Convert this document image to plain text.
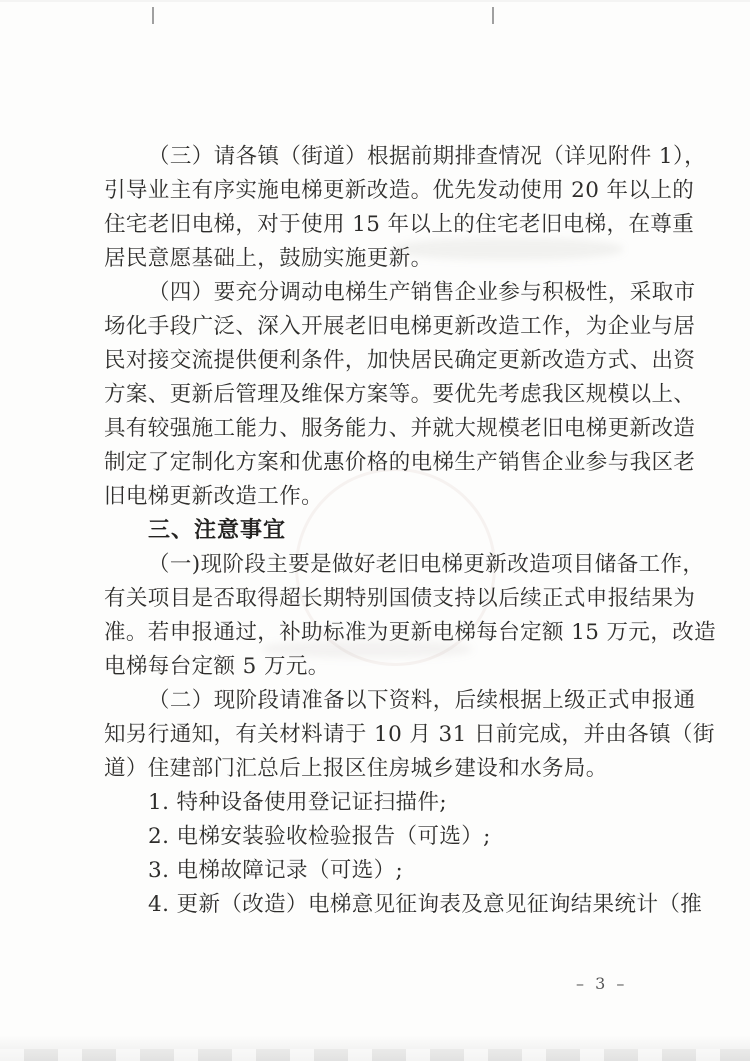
（三）请各镇（街道）根据前期排查情况（详见附件 1），
引导业主有序实施电梯更新改造。优先发动使用 20 年以上的
住宅老旧电梯，对于使用 15 年以上的住宅老旧电梯，在尊重
居民意愿基础上，鼓励实施更新。
（四）要充分调动电梯生产销售企业参与积极性，采取市
场化手段广泛、深入开展老旧电梯更新改造工作，为企业与居
民对接交流提供便利条件，加快居民确定更新改造方式、出资
方案、更新后管理及维保方案等。要优先考虑我区规模以上、
具有较强施工能力、服务能力、并就大规模老旧电梯更新改造
制定了定制化方案和优惠价格的电梯生产销售企业参与我区老
旧电梯更新改造工作。
三、注意事宜
（一)现阶段主要是做好老旧电梯更新改造项目储备工作，
有关项目是否取得超长期特别国债支持以后续正式申报结果为
准。若申报通过，补助标准为更新电梯每台定额 15 万元，改造
电梯每台定额 5 万元。
（二）现阶段请准备以下资料，后续根据上级正式申报通
知另行通知，有关材料请于 10 月 31 日前完成，并由各镇（街
道）住建部门汇总后上报区住房城乡建设和水务局。
1. 特种设备使用登记证扫描件;
2. 电梯安装验收检验报告（可选）;
3. 电梯故障记录（可选）;
4. 更新（改造）电梯意见征询表及意见征询结果统计（推
– 3 –
